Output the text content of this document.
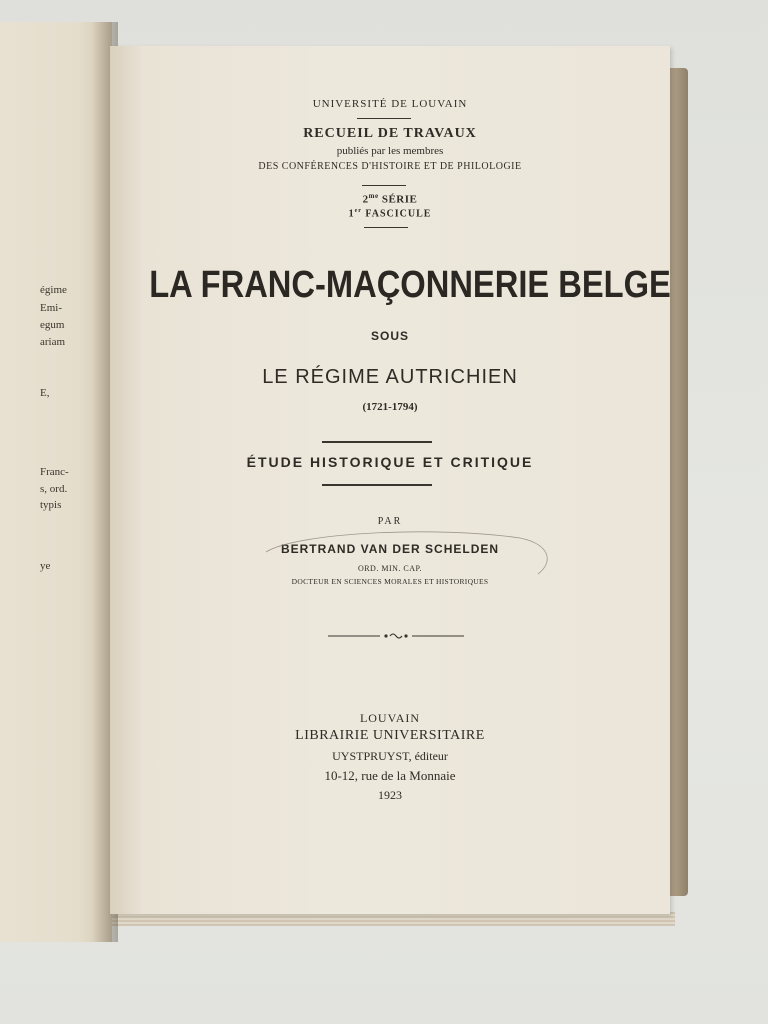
égime
Emi-
egum
ariam
E,
Franc-
s, ord.
typis
ye
UNIVERSITÉ DE LOUVAIN
RECUEIL DE TRAVAUX
publiés par les membres
DES CONFÉRENCES D'HISTOIRE ET DE PHILOLOGIE
$2^{me}$ SÉRIE
1er FASCICULE
LA FRANC-MAÇONNERIE BELGE
SOUS
LE RÉGIME AUTRICHIEN
(1721-1794)
ÉTUDE HISTORIQUE ET CRITIQUE
PAR
BERTRAND VAN DER SCHELDEN
ORD. MIN. CAP.
DOCTEUR EN SCIENCES MORALES ET HISTORIQUES
LOUVAIN
LIBRAIRIE UNIVERSITAIRE
UYSTPRUYST, éditeur
10-12, rue de la Monnaie
1923
